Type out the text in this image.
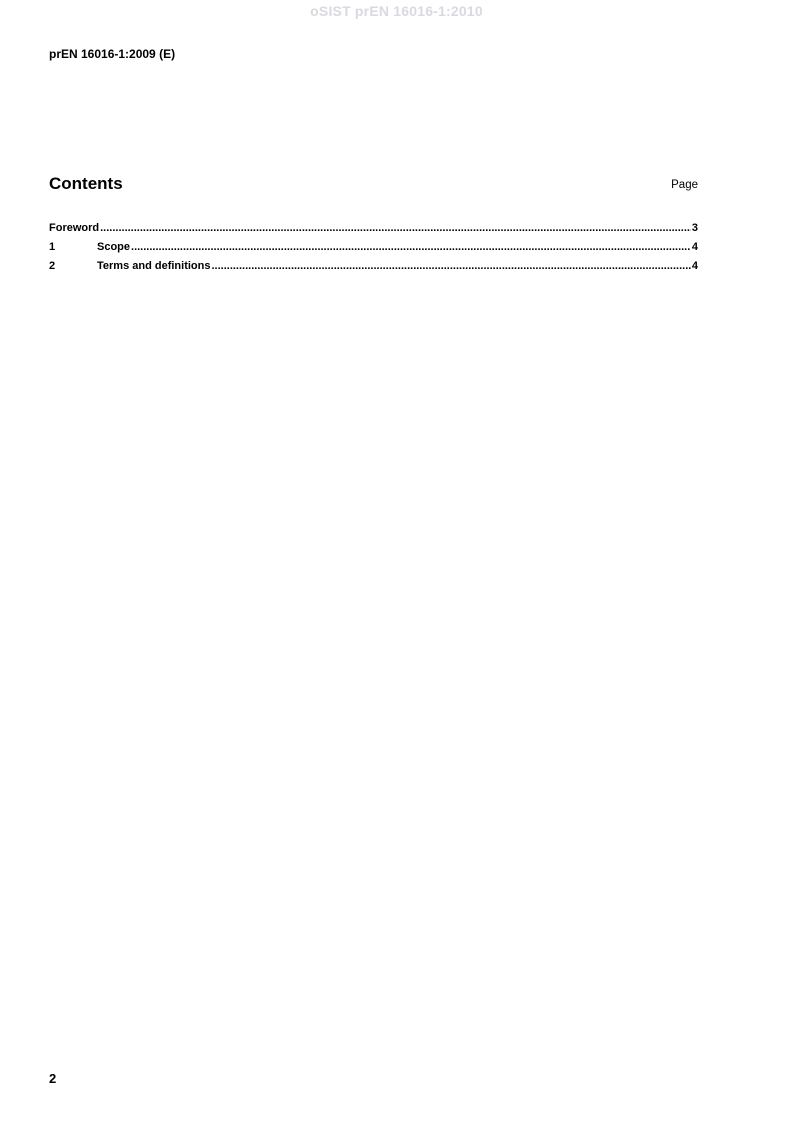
oSIST prEN 16016-1:2010
prEN 16016-1:2009 (E)
Contents	Page
Foreword .....	3
1	Scope .....	4
2	Terms and definitions .....	4
2
